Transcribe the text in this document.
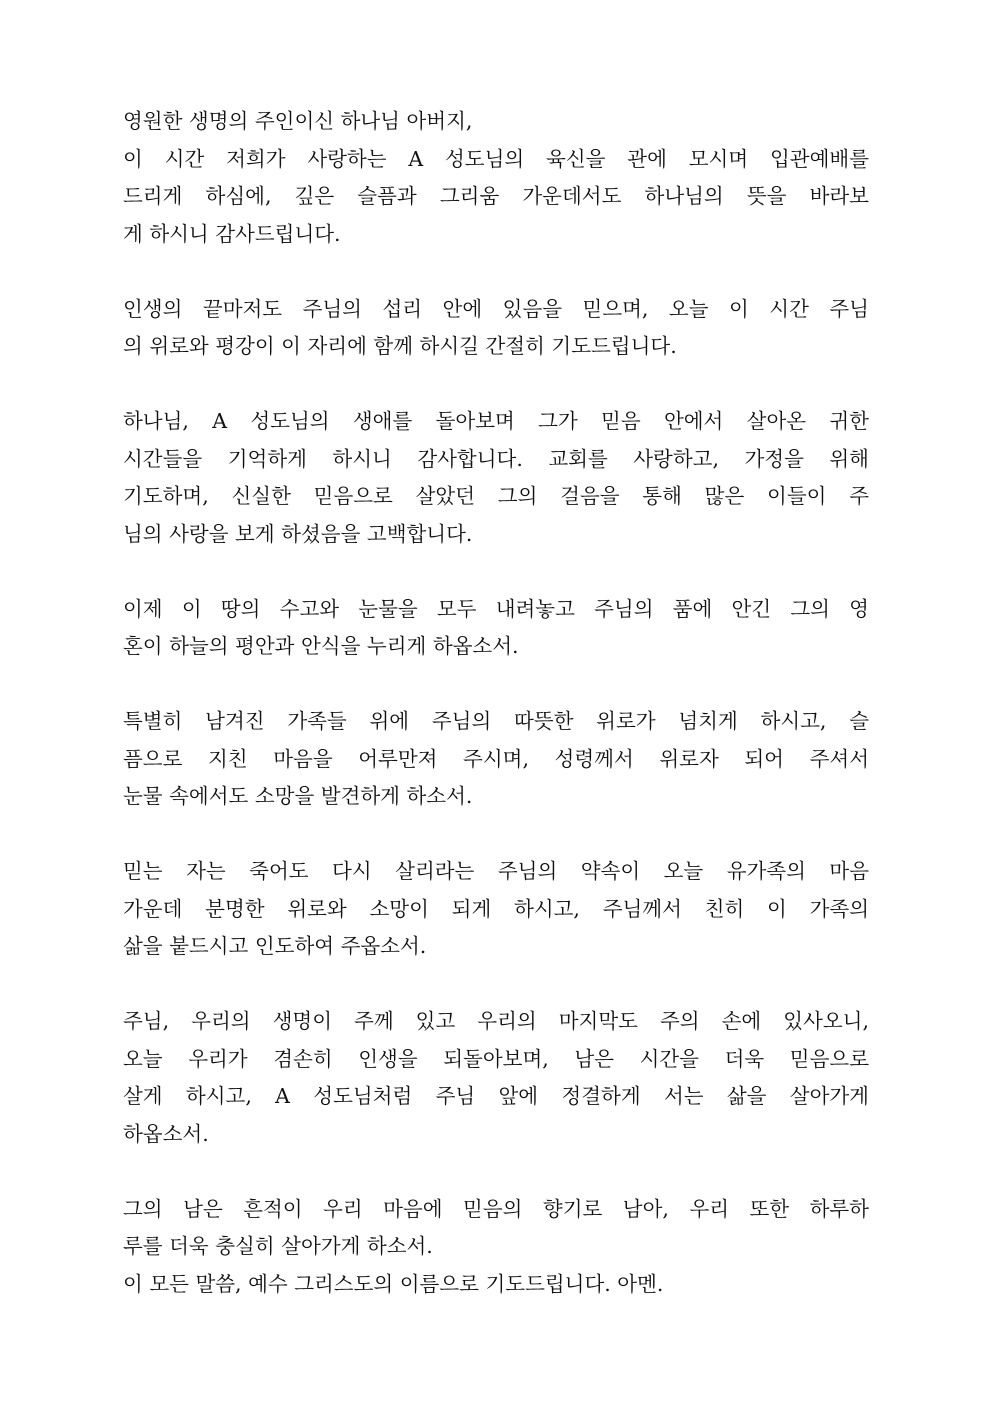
영원한 생명의 주인이신 하나님 아버지,
이 시간 저희가 사랑하는 A 성도님의 육신을 관에 모시며 입관예배를
드리게 하심에, 깊은 슬픔과 그리움 가운데서도 하나님의 뜻을 바라보
게 하시니 감사드립니다.

인생의 끝마저도 주님의 섭리 안에 있음을 믿으며, 오늘 이 시간 주님
의 위로와 평강이 이 자리에 함께 하시길 간절히 기도드립니다.

하나님, A 성도님의 생애를 돌아보며 그가 믿음 안에서 살아온 귀한
시간들을 기억하게 하시니 감사합니다. 교회를 사랑하고, 가정을 위해
기도하며, 신실한 믿음으로 살았던 그의 걸음을 통해 많은 이들이 주
님의 사랑을 보게 하셨음을 고백합니다.

이제 이 땅의 수고와 눈물을 모두 내려놓고 주님의 품에 안긴 그의 영
혼이 하늘의 평안과 안식을 누리게 하옵소서.

특별히 남겨진 가족들 위에 주님의 따뜻한 위로가 넘치게 하시고, 슬
픔으로 지친 마음을 어루만져 주시며, 성령께서 위로자 되어 주셔서
눈물 속에서도 소망을 발견하게 하소서.

믿는 자는 죽어도 다시 살리라는 주님의 약속이 오늘 유가족의 마음
가운데 분명한 위로와 소망이 되게 하시고, 주님께서 친히 이 가족의
삶을 붙드시고 인도하여 주옵소서.

주님, 우리의 생명이 주께 있고 우리의 마지막도 주의 손에 있사오니,
오늘 우리가 겸손히 인생을 되돌아보며, 남은 시간을 더욱 믿음으로
살게 하시고, A 성도님처럼 주님 앞에 정결하게 서는 삶을 살아가게
하옵소서.

그의 남은 흔적이 우리 마음에 믿음의 향기로 남아, 우리 또한 하루하
루를 더욱 충실히 살아가게 하소서.
이 모든 말씀, 예수 그리스도의 이름으로 기도드립니다. 아멘.
